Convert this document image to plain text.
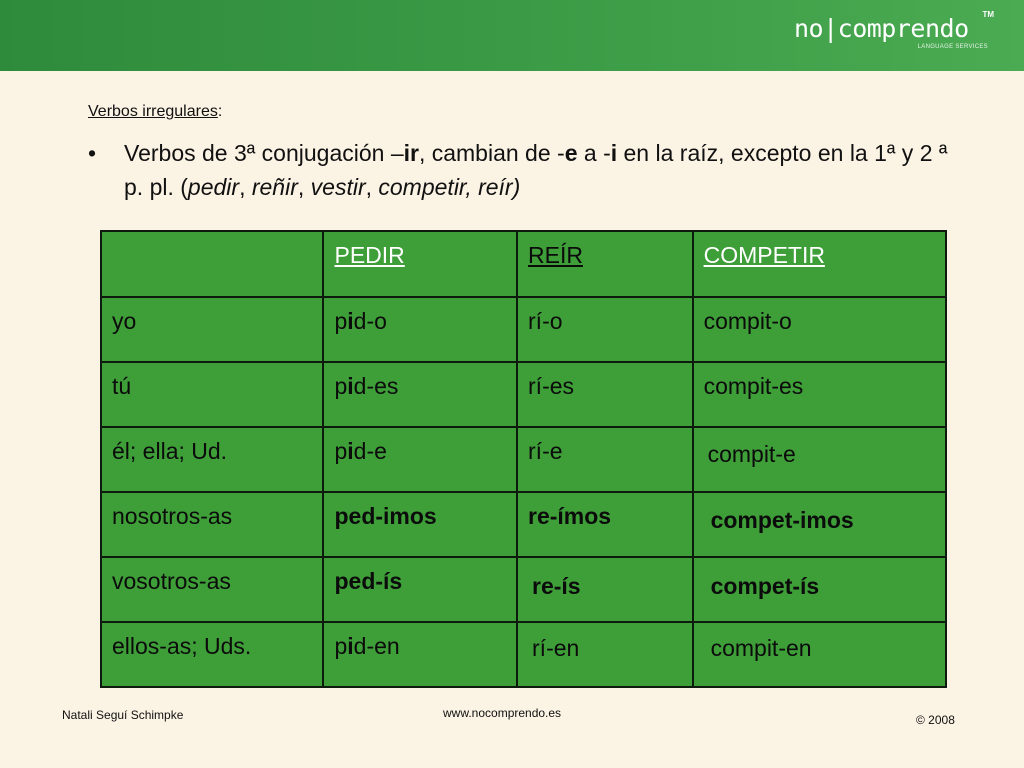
no|comprendo TM
LANGUAGE SERVICES
Verbos irregulares:
• Verbos de 3ª conjugación –ir, cambian de -e a -i en la raíz, excepto en la 1ª y 2 ª p. pl. (pedir, reñir, vestir, competir, reír)
	PEDIR	REÍR	COMPETIR
yo	pid-o	rí-o	compit-o
tú	pid-es	rí-es	compit-es
él; ella; Ud.	pid-e	rí-e	compit-e
nosotros-as	ped-imos	re-ímos	compet-imos
vosotros-as	ped-ís	re-ís	compet-ís
ellos-as; Uds.	pid-en	rí-en	compit-en
Natali Seguí Schimpke	www.nocomprendo.es	© 2008
